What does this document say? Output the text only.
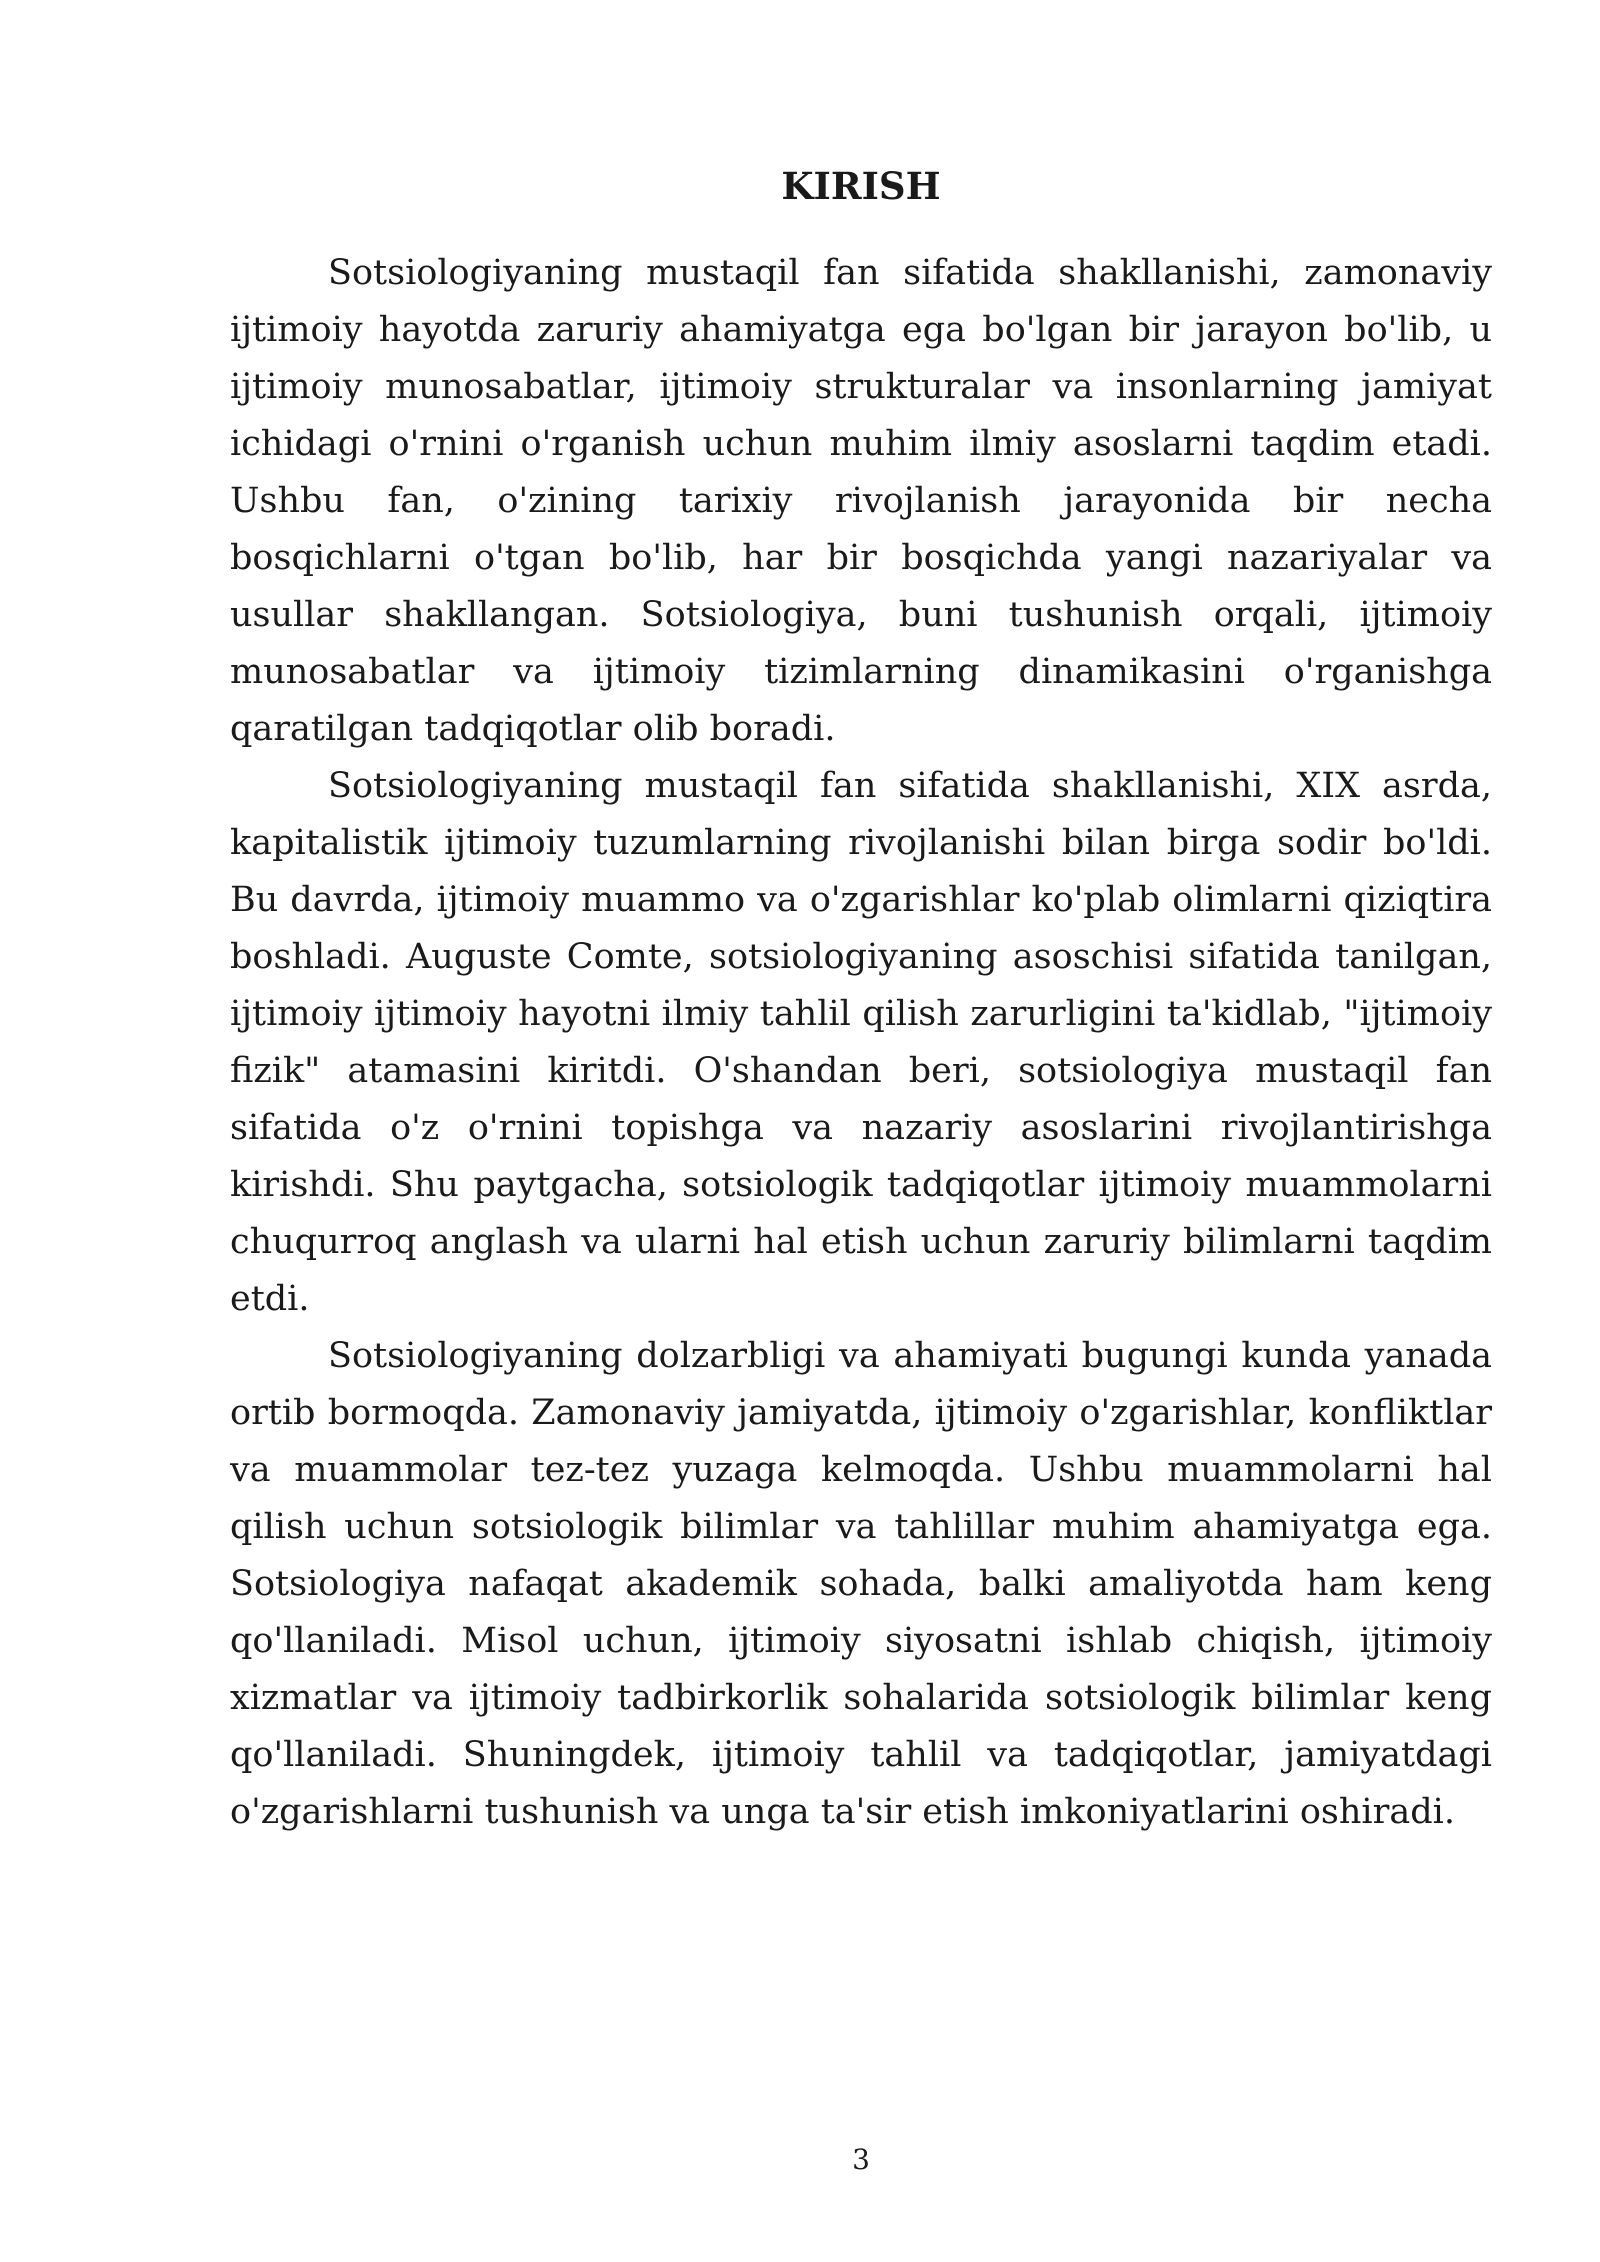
KIRISH

Sotsiologiyaning mustaqil fan sifatida shakllanishi, zamonaviy ijtimoiy hayotda zaruriy ahamiyatga ega bo'lgan bir jarayon bo'lib, u ijtimoiy munosabatlar, ijtimoiy strukturalar va insonlarning jamiyat ichidagi o'rnini o'rganish uchun muhim ilmiy asoslarni taqdim etadi. Ushbu fan, o'zining tarixiy rivojlanish jarayonida bir necha bosqichlarni o'tgan bo'lib, har bir bosqichda yangi nazariyalar va usullar shakllangan. Sotsiologiya, buni tushunish orqali, ijtimoiy munosabatlar va ijtimoiy tizimlarning dinamikasini o'rganishga qaratilgan tadqiqotlar olib boradi.

Sotsiologiyaning mustaqil fan sifatida shakllanishi, XIX asrda, kapitalistik ijtimoiy tuzumlarning rivojlanishi bilan birga sodir bo'ldi. Bu davrda, ijtimoiy muammo va o'zgarishlar ko'plab olimlarni qiziqtira boshladi. Auguste Comte, sotsiologiyaning asoschisi sifatida tanilgan, ijtimoiy ijtimoiy hayotni ilmiy tahlil qilish zarurligini ta'kidlab, "ijtimoiy fizik" atamasini kiritdi. O'shandan beri, sotsiologiya mustaqil fan sifatida o'z o'rnini topishga va nazariy asoslarini rivojlantirishga kirishdi. Shu paytgacha, sotsiologik tadqiqotlar ijtimoiy muammolarni chuqurroq anglash va ularni hal etish uchun zaruriy bilimlarni taqdim etdi.

Sotsiologiyaning dolzarbligi va ahamiyati bugungi kunda yanada ortib bormoqda. Zamonaviy jamiyatda, ijtimoiy o'zgarishlar, konfliktlar va muammolar tez-tez yuzaga kelmoqda. Ushbu muammolarni hal qilish uchun sotsiologik bilimlar va tahlillar muhim ahamiyatga ega. Sotsiologiya nafaqat akademik sohada, balki amaliyotda ham keng qo'llaniladi. Misol uchun, ijtimoiy siyosatni ishlab chiqish, ijtimoiy xizmatlar va ijtimoiy tadbirkorlik sohalarida sotsiologik bilimlar keng qo'llaniladi. Shuningdek, ijtimoiy tahlil va tadqiqotlar, jamiyatdagi o'zgarishlarni tushunish va unga ta'sir etish imkoniyatlarini oshiradi.

3
